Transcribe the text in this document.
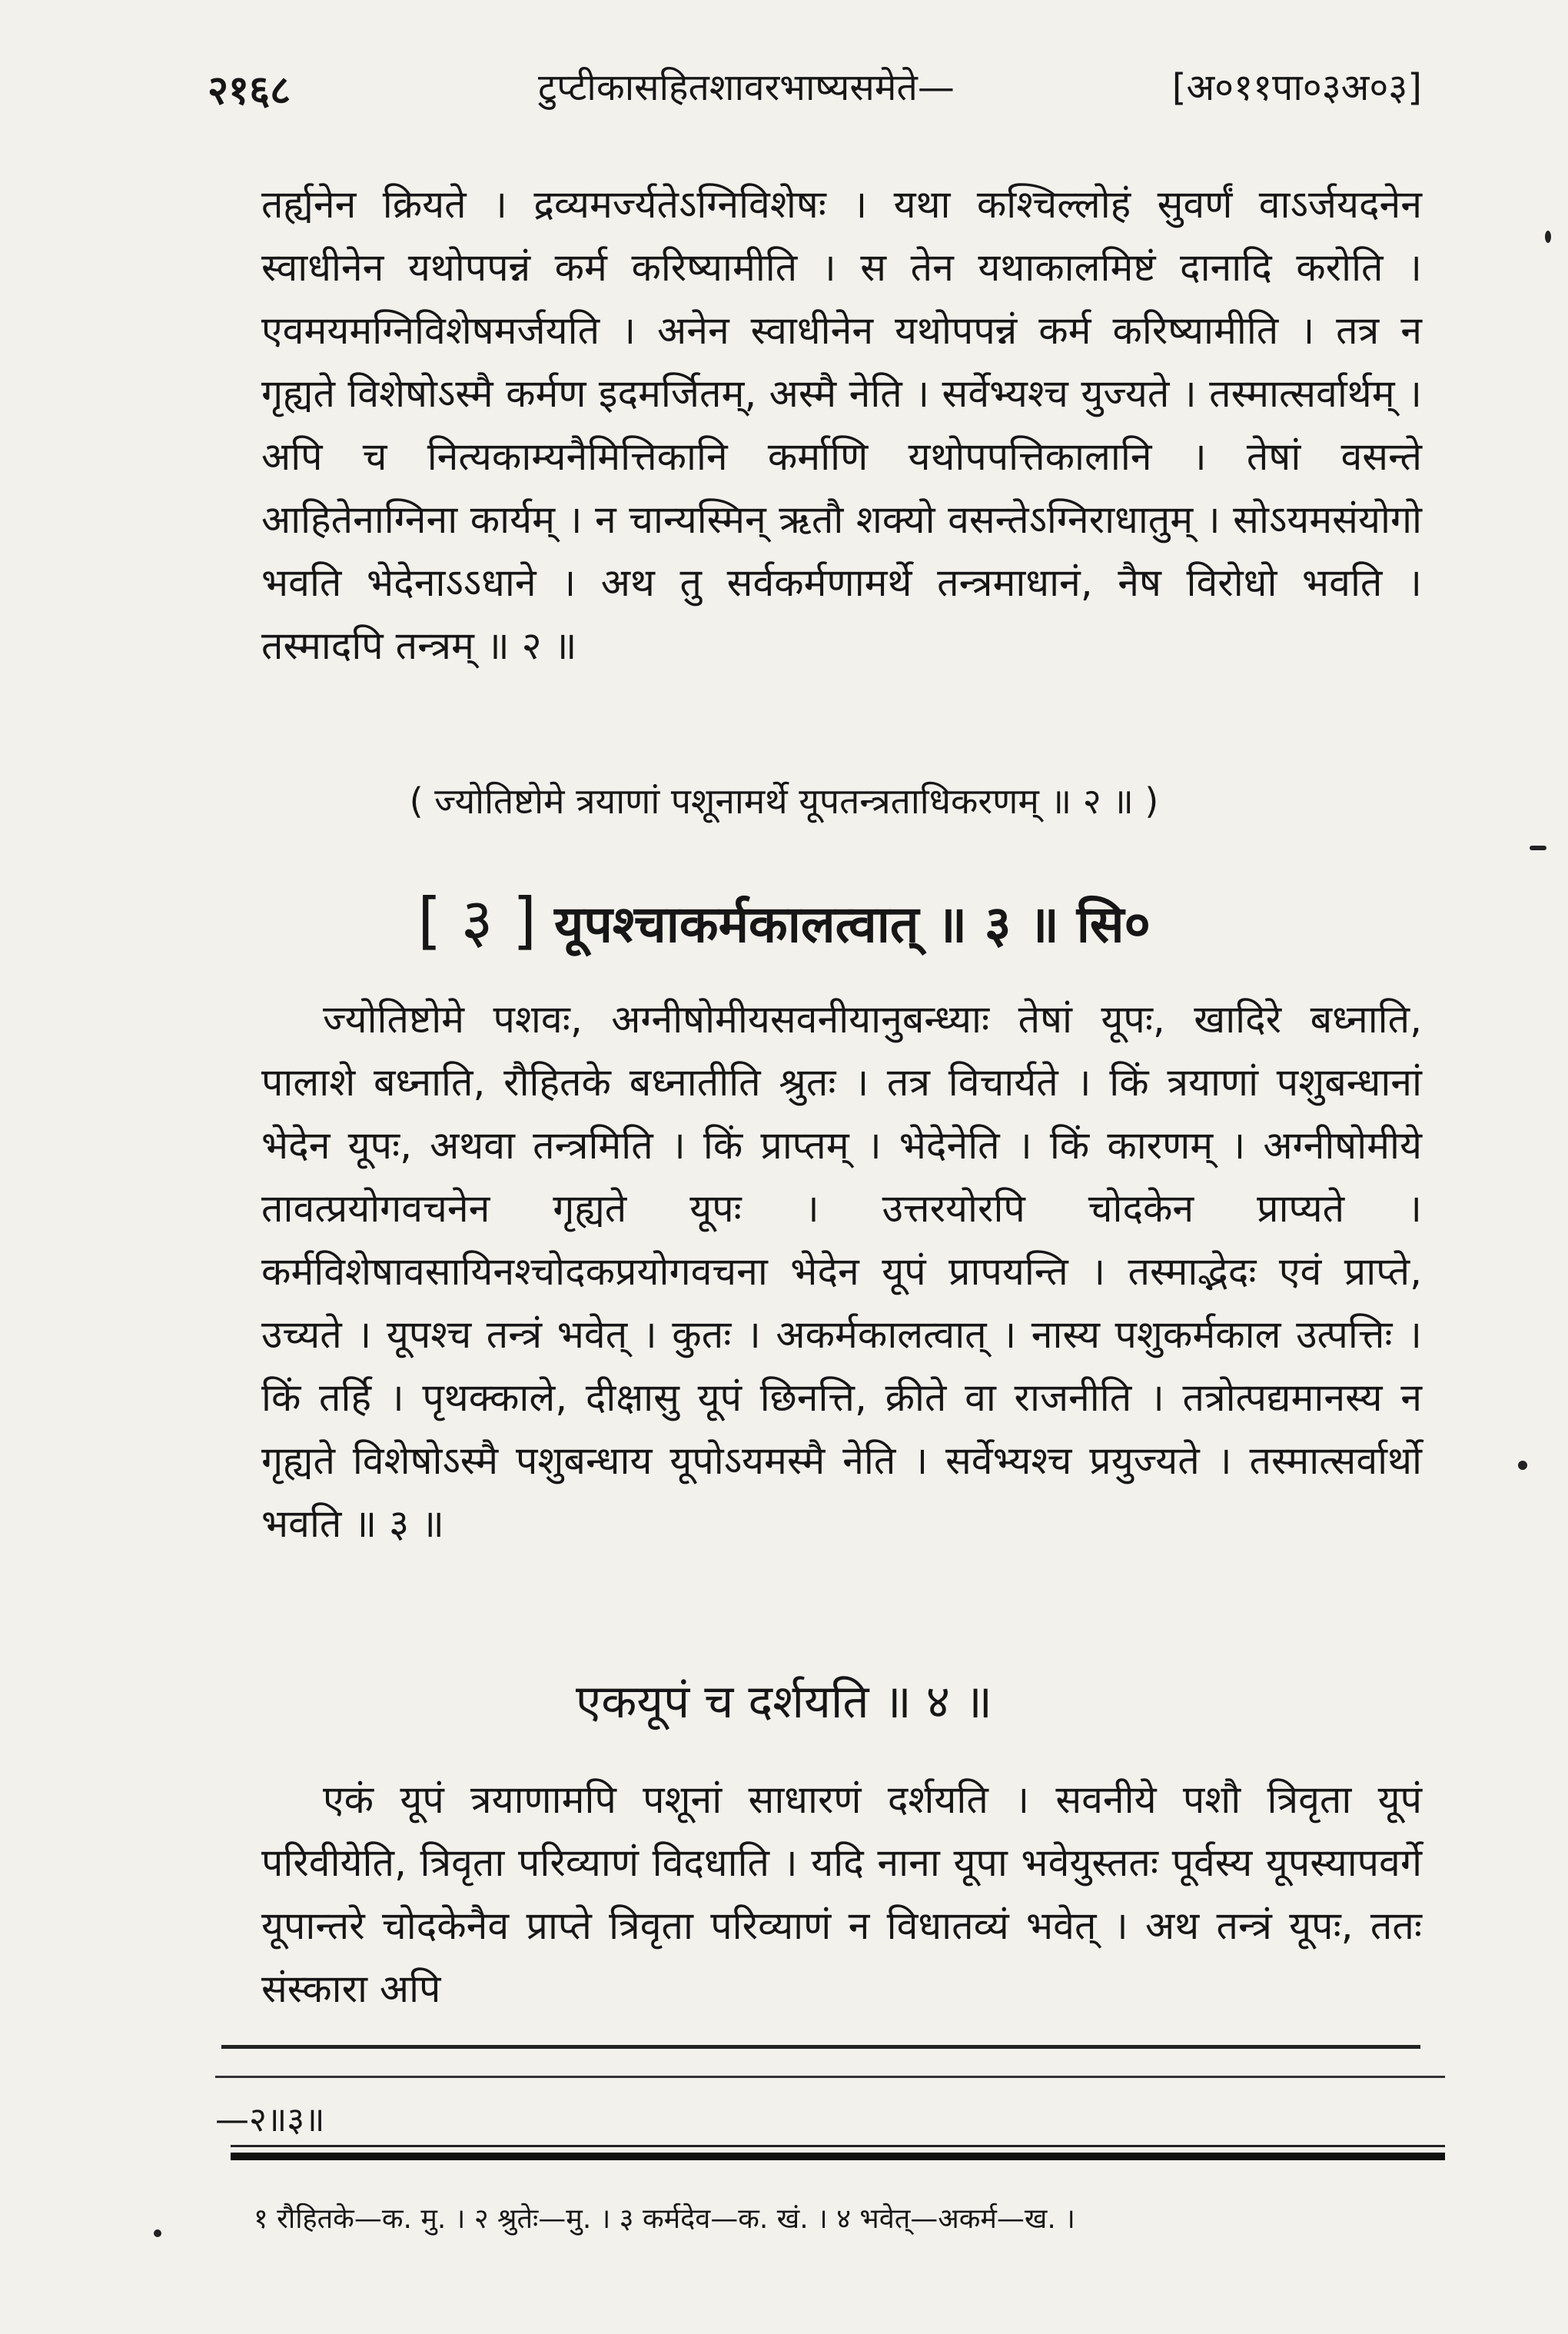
२१६८	टुप्टीकासहितशावरभाष्यसमेते—	[अ०११पा०३अ०३]

तर्ह्यनेन क्रियते । द्रव्यमर्ज्यतेऽग्निविशेषः । यथा कश्चिल्लोहं सुवर्णं वाऽर्जयदनेन स्वाधीनेन यथोपपन्नं कर्म करिष्यामीति । स तेन यथाकालमिष्टं दानादि करोति । एवमयमग्निविशेषमर्जयति । अनेन स्वाधीनेन यथोपपन्नं कर्म करिष्यामीति । तत्र न गृह्यते विशेषोऽस्मै कर्मण इदमर्जितम्, अस्मै नेति । सर्वेभ्यश्च युज्यते । तस्मात्सर्वार्थम् । अपि च नित्यकाम्यनैमित्तिकानि कर्माणि यथोपपत्तिकालानि । तेषां वसन्ते आहितेनाग्निना कार्यम् । न चान्यस्मिन् ऋतौ शक्यो वसन्तेऽग्निराधातुम् । सोऽयमसंयोगो भवति भेदेनाऽऽधाने । अथ तु सर्वकर्मणामर्थे तन्त्रमाधानं, नैष विरोधो भवति । तस्मादपि तन्त्रम् ॥ २ ॥

( ज्योतिष्टोमे त्रयाणां पशूनामर्थे यूपतन्त्रताधिकरणम् ॥ २ ॥ )
[ ३ ] यूपश्चाकर्मकालत्वात् ॥ ३ ॥ सि०

ज्योतिष्टोमे पशवः, अग्नीषोमीयसवनीयानुबन्ध्याः तेषां यूपः, खादिरे बध्नाति, पालाशे बध्नाति, रौहितके बध्नातीति श्रुतः । तत्र विचार्यते । किं त्रयाणां पशुबन्धानां भेदेन यूपः, अथवा तन्त्रमिति । किं प्राप्तम् । भेदेनेति । किं कारणम् । अग्नीषोमीये तावत्प्रयोगवचनेन गृह्यते यूपः । उत्तरयोरपि चोदकेन प्राप्यते । कर्मविशेषावसायिनश्चोदकप्रयोगवचना भेदेन यूपं प्रापयन्ति । तस्माद्भेदः एवं प्राप्ते, उच्यते । यूपश्च तन्त्रं भवेत् । कुतः । अकर्मकालत्वात् । नास्य पशुकर्मकाल उत्पत्तिः । किं तर्हि । पृथक्काले, दीक्षासु यूपं छिनत्ति, क्रीते वा राजनीति । तत्रोत्पद्यमानस्य न गृह्यते विशेषोऽस्मै पशुबन्धाय यूपोऽयमस्मै नेति । सर्वेभ्यश्च प्रयुज्यते । तस्मात्सर्वार्थो भवति ॥ ३ ॥

एकयूपं च दर्शयति ॥ ४ ॥

एकं यूपं त्रयाणामपि पशूनां साधारणं दर्शयति । सवनीये पशौ त्रिवृता यूपं परिवीयेति, त्रिवृता परिव्याणं विदधाति । यदि नाना यूपा भवेयुस्ततः पूर्वस्य यूपस्यापवर्गे यूपान्तरे चोदकेनैव प्राप्ते त्रिवृता परिव्याणं न विधातव्यं भवेत् । अथ तन्त्रं यूपः, ततः संस्कारा अपि

—२॥३॥
१ रौहितके—क. मु. । २ श्रुतेः—मु. । ३ कर्मदेव—क. खं. । ४ भवेत्—अकर्म—ख. ।
